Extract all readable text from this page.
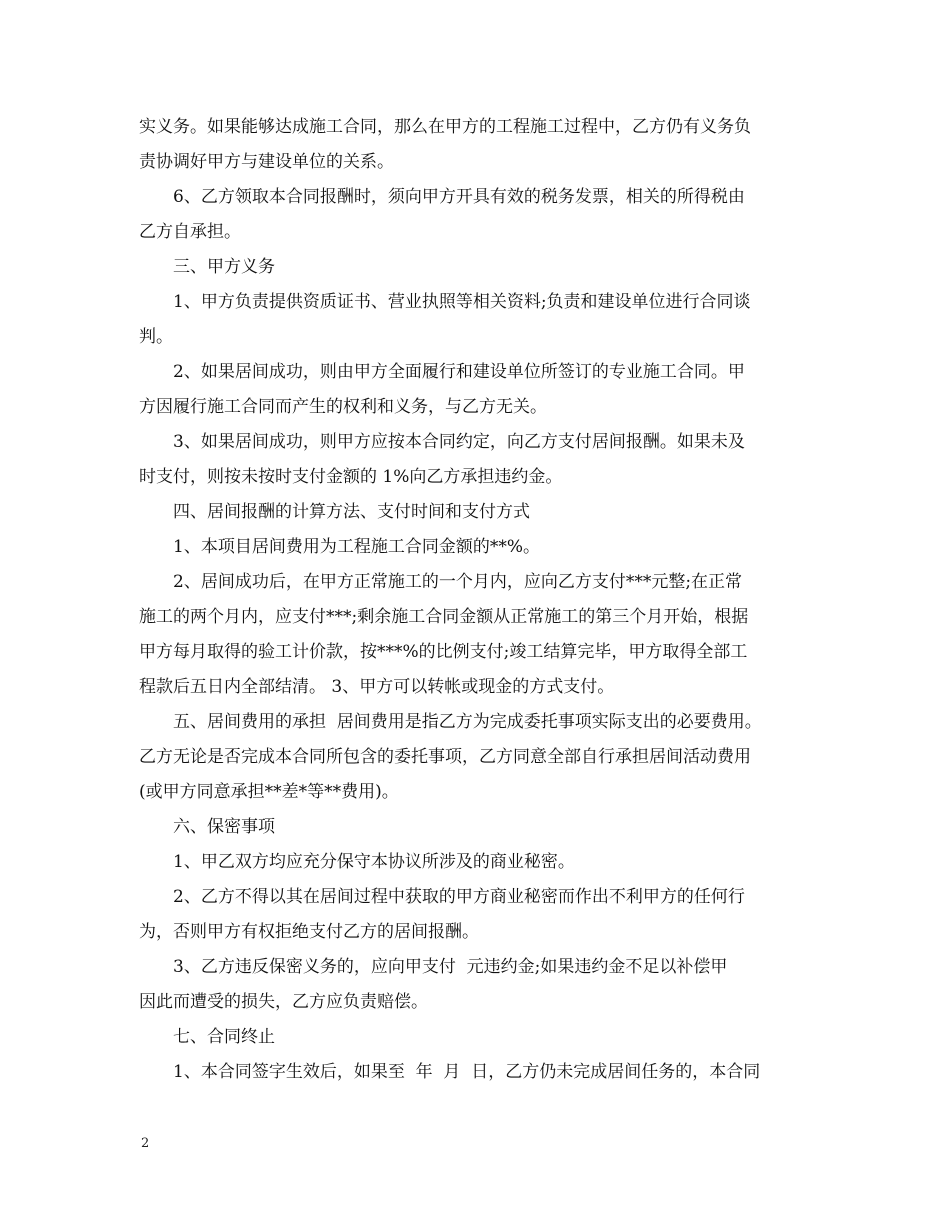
实义务。如果能够达成施工合同，那么在甲方的工程施工过程中，乙方仍有义务负
责协调好甲方与建设单位的关系。
6、乙方领取本合同报酬时，须向甲方开具有效的税务发票，相关的所得税由
乙方自承担。
三、甲方义务
1、甲方负责提供资质证书、营业执照等相关资料;负责和建设单位进行合同谈
判。
2、如果居间成功，则由甲方全面履行和建设单位所签订的专业施工合同。甲
方因履行施工合同而产生的权利和义务，与乙方无关。
3、如果居间成功，则甲方应按本合同约定，向乙方支付居间报酬。如果未及
时支付，则按未按时支付金额的 1%向乙方承担违约金。
四、居间报酬的计算方法、支付时间和支付方式
1、本项目居间费用为工程施工合同金额的**%。
2、居间成功后，在甲方正常施工的一个月内，应向乙方支付***元整;在正常
施工的两个月内，应支付***;剩余施工合同金额从正常施工的第三个月开始，根据
甲方每月取得的验工计价款，按***%的比例支付;竣工结算完毕，甲方取得全部工
程款后五日内全部结清。 3、甲方可以转帐或现金的方式支付。
五、居间费用的承担  居间费用是指乙方为完成委托事项实际支出的必要费用。
乙方无论是否完成本合同所包含的委托事项，乙方同意全部自行承担居间活动费用
(或甲方同意承担**差*等**费用)。
六、保密事项
1、甲乙双方均应充分保守本协议所涉及的商业秘密。
2、乙方不得以其在居间过程中获取的甲方商业秘密而作出不利甲方的任何行
为，否则甲方有权拒绝支付乙方的居间报酬。
3、乙方违反保密义务的，应向甲支付  元违约金;如果违约金不足以补偿甲
因此而遭受的损失，乙方应负责赔偿。
七、合同终止
1、本合同签字生效后，如果至  年  月  日，乙方仍未完成居间任务的，本合同
2
